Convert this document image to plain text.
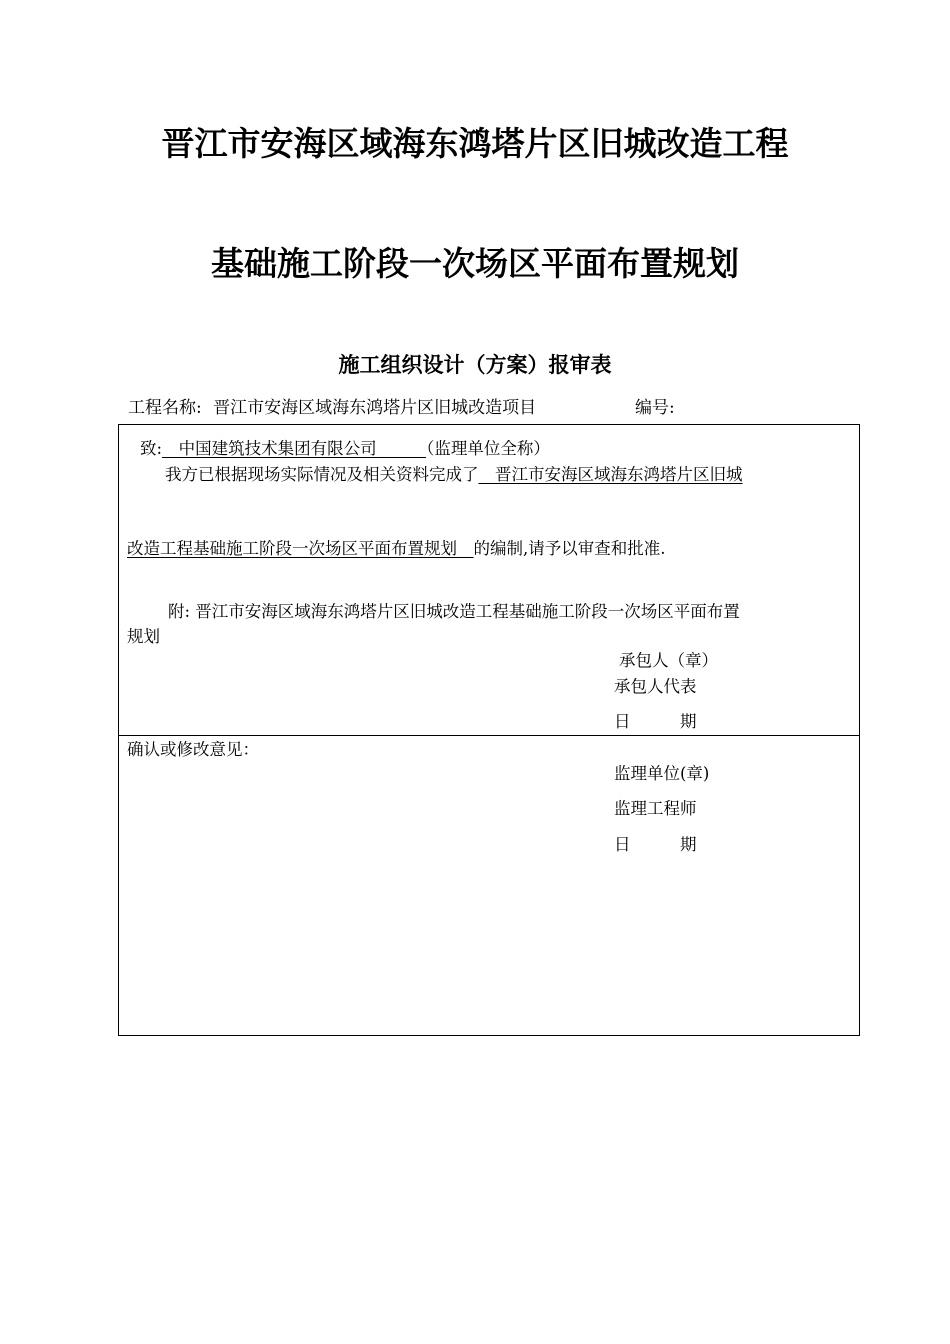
晋江市安海区域海东鸿塔片区旧城改造工程
基础施工阶段一次场区平面布置规划
施工组织设计（方案）报审表
工程名称: 晋江市安海区域海东鸿塔片区旧城改造项目	编号:
致:　 中国建筑技术集团有限公司　　　	（监理单位全称）
我方已根据现场实际情况及相关资料完成了　 晋江市安海区域海东鸿塔片区旧城
改造工程基础施工阶段一次场区平面布置规划　 的编制,请予以审查和批准.
附: 晋江市安海区域海东鸿塔片区旧城改造工程基础施工阶段一次场区平面布置
规划
承包人（章）
承包人代表
日　　　期
确认或修改意见：
监理单位(章)
监理工程师
日　　　期
